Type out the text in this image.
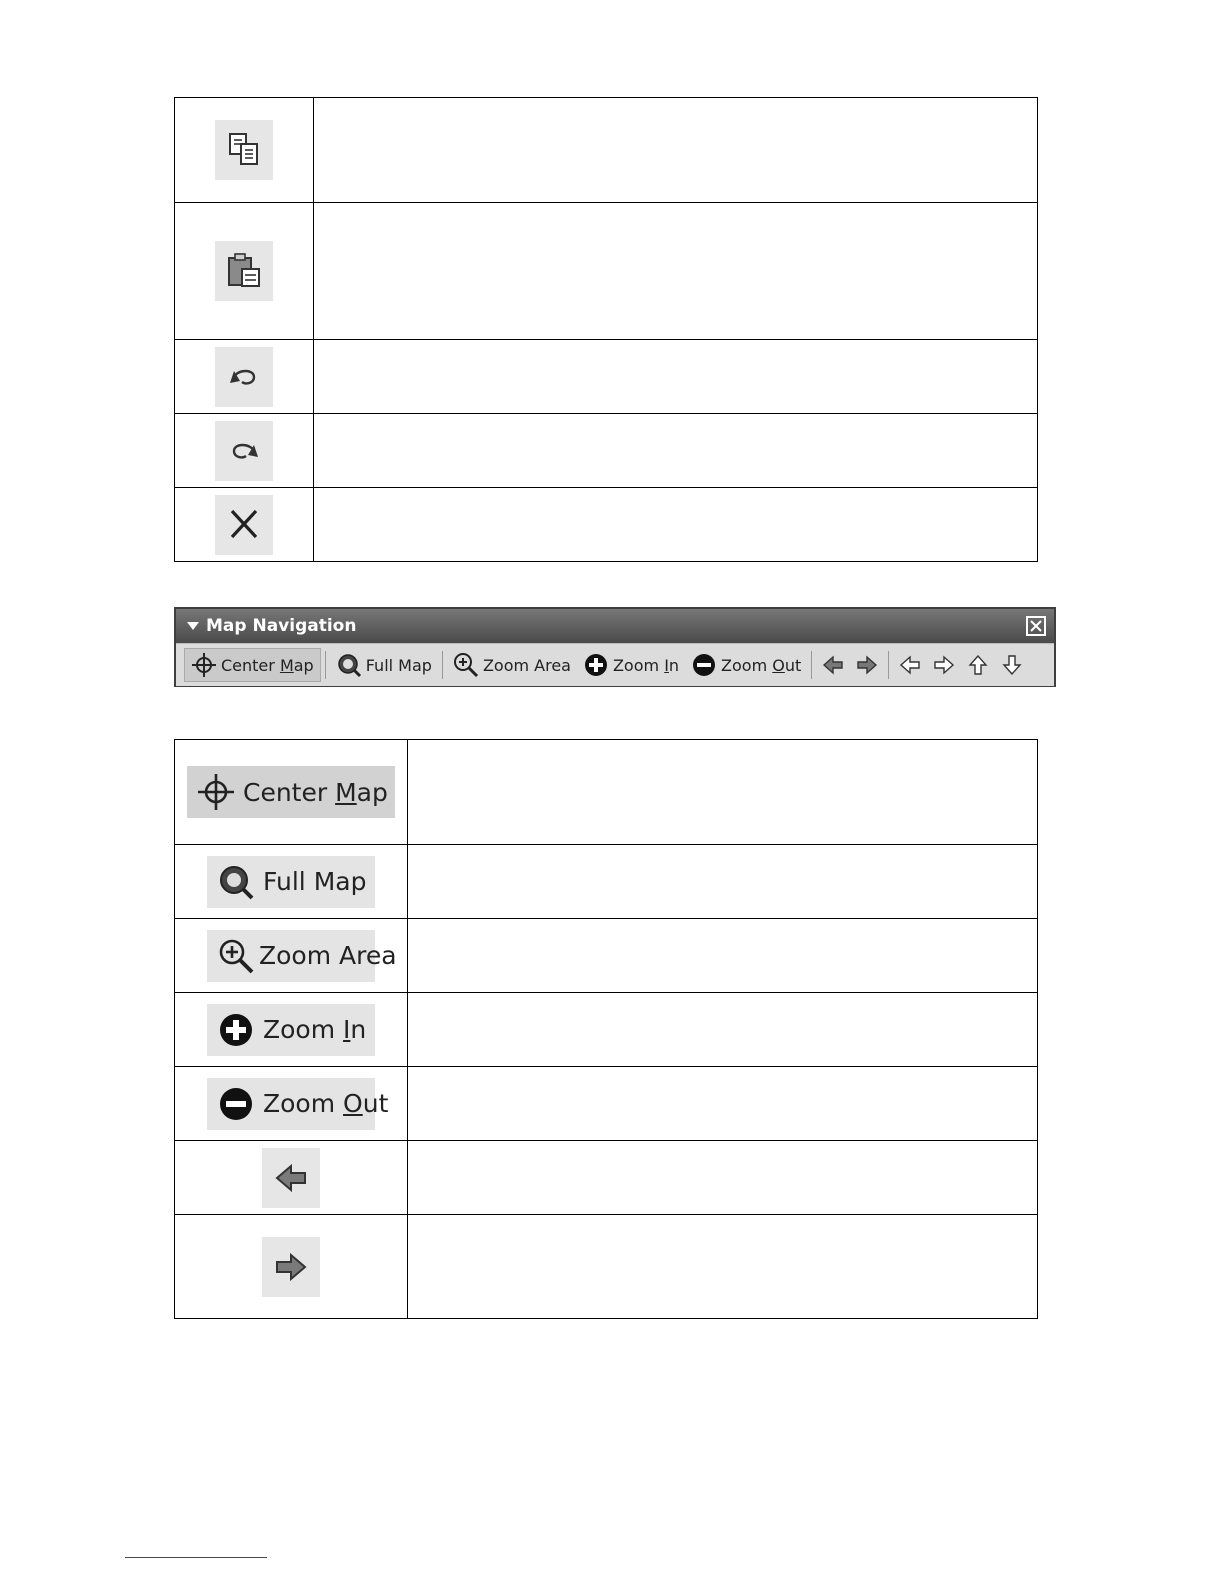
Map Navigation
Center Map	Full Map	Zoom Area	Zoom In	Zoom Out
Center Map	

Full Map	

Zoom Area	

Zoom In	

Zoom Out	
